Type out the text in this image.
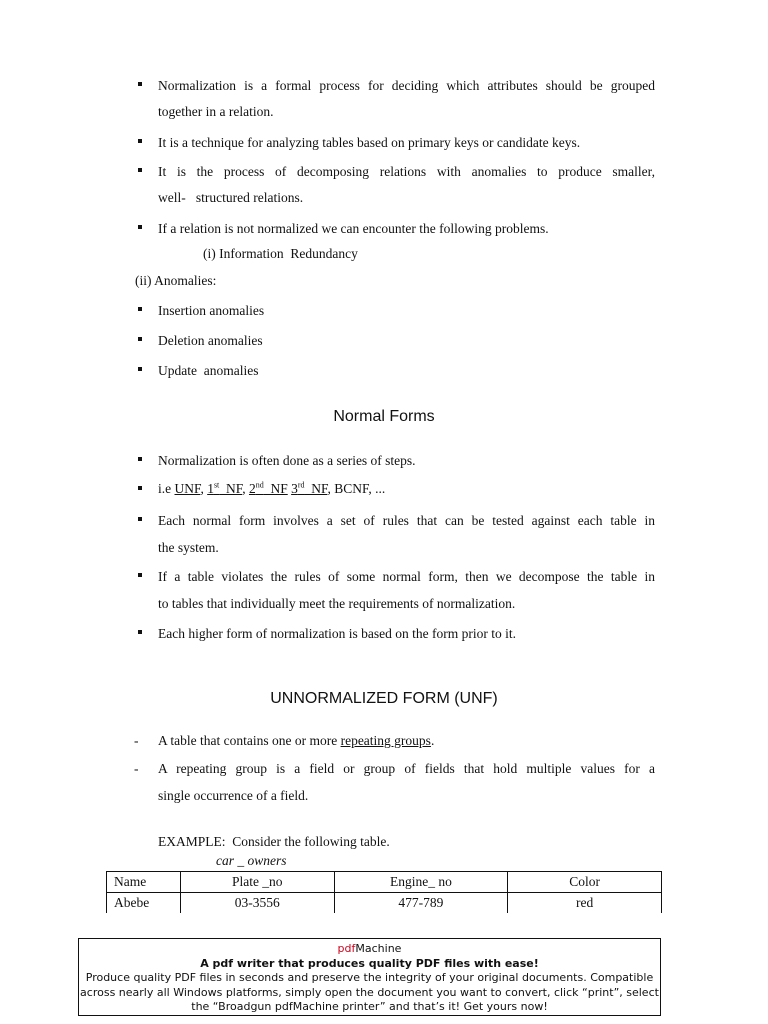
Normalization is a formal process for deciding which attributes should be grouped
together in a relation.
It is a technique for analyzing tables based on primary keys or candidate keys.
It is the process of decomposing relations with anomalies to produce smaller,
well-   structured relations.
If a relation is not normalized we can encounter the following problems.
(i) Information  Redundancy
(ii) Anomalies:
Insertion anomalies
Deletion anomalies
Update  anomalies
Normal Forms
Normalization is often done as a series of steps.
i.e UNF, 1st  NF, 2nd  NF 3rd  NF, BCNF, ...
Each normal form involves a set of rules that can be tested against each table in
the system.
If a table violates the rules of some normal form, then we decompose the table in
to tables that individually meet the requirements of normalization.
Each higher form of normalization is based on the form prior to it.
UNNORMALIZED FORM (UNF)
- A table that contains one or more repeating groups.
- A repeating group is a field or group of fields that hold multiple values for a
single occurrence of a field.
EXAMPLE:  Consider the following table.
car _ owners
Name	Plate _no	Engine_ no	Color
Abebe	03-3556	477-789	red
pdfMachine
A pdf writer that produces quality PDF files with ease!
Produce quality PDF files in seconds and preserve the integrity of your original documents. Compatible
across nearly all Windows platforms, simply open the document you want to convert, click “print”, select
the “Broadgun pdfMachine printer” and that’s it! Get yours now!
